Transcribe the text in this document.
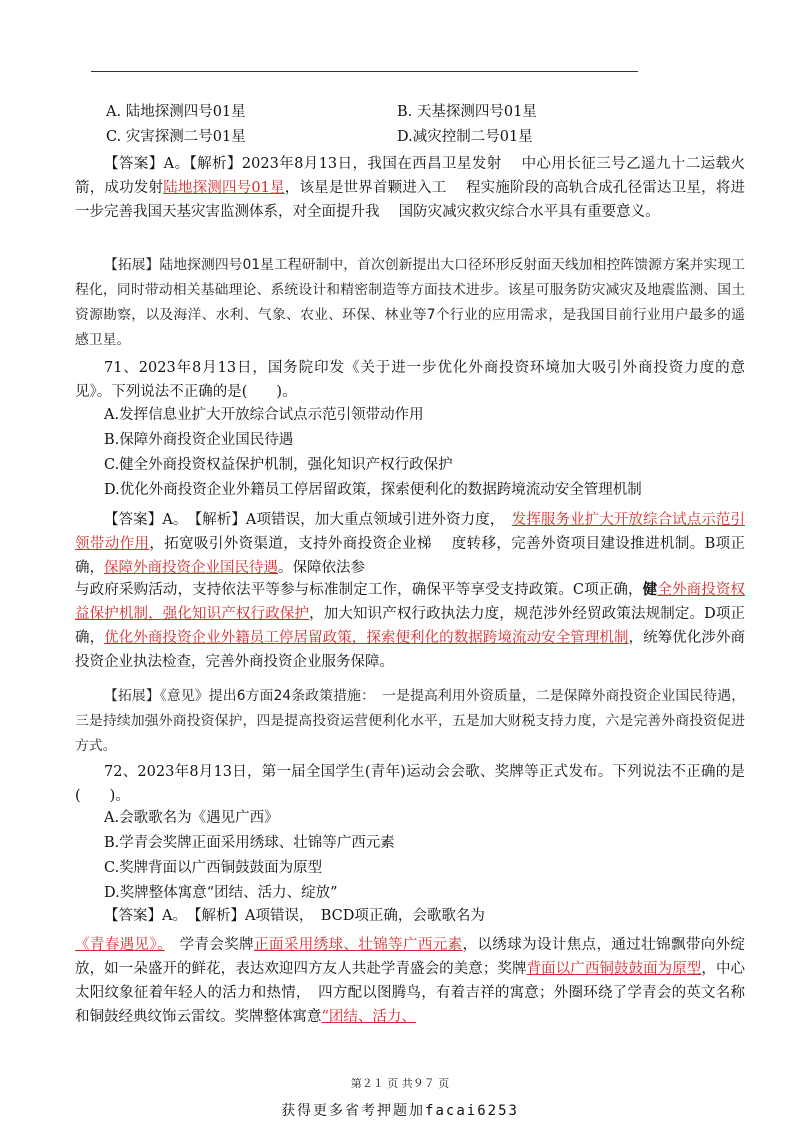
A. 陆地探测四号01星	B. 天基探测四号01星
C. 灾害探测二号01星	D.减灾控制二号01星
【答案】A。【解析】2023年8月13日，我国在西昌卫星发射　 中心用长征三号乙遥九十二运载火箭，成功发射陆地探测四号01星，该星是世界首颗进入工　 程实施阶段的高轨合成孔径雷达卫星，将进一步完善我国天基灾害监测体系，对全面提升我　 国防灾减灾救灾综合水平具有重要意义。
【拓展】陆地探测四号01星工程研制中，首次创新提出大口径环形反射面天线加相控阵馈源方案并实现工程化，同时带动相关基础理论、系统设计和精密制造等方面技术进步。该星可服务防灾减灾及地震监测、国土资源勘察，以及海洋、水利、气象、农业、环保、林业等7个行业的应用需求，是我国目前行业用户最多的遥感卫星。
71、2023年8月13日，国务院印发《关于进一步优化外商投资环境加大吸引外商投资力度的意见》。下列说法不正确的是(　　)。
A.发挥信息业扩大开放综合试点示范引领带动作用
B.保障外商投资企业国民待遇
C.健全外商投资权益保护机制，强化知识产权行政保护
D.优化外商投资企业外籍员工停居留政策，探索便利化的数据跨境流动安全管理机制
【答案】A。　【解析】A项错误，加大重点领域引进外资力度，　发挥服务业扩大开放综合试点示范引领带动作用，拓宽吸引外资渠道，支持外商投资企业梯　 度转移，完善外资项目建设推进机制。B项正确，保障外商投资企业国民待遇。保障依法参
与政府采购活动，支持依法平等参与标准制定工作，确保平等享受支持政策。C项正确，健全外商投资权益保护机制，强化知识产权行政保护，加大知识产权行政执法力度，规范涉外经贸政策法规制定。D项正确，优化外商投资企业外籍员工停居留政策，探索便利化的数据跨境流动安全管理机制，统筹优化涉外商投资企业执法检查，完善外商投资企业服务保障。
【拓展】《意见》提出6方面24条政策措施：　一是提高利用外资质量，二是保障外商投资企业国民待遇，三是持续加强外商投资保护，四是提高投资运营便利化水平，五是加大财税支持力度，六是完善外商投资促进方式。
72、2023年8月13日，第一届全国学生(青年)运动会会歌、奖牌等正式发布。下列说法不正确的是(　　)。
A.会歌歌名为《遇见广西》
B.学青会奖牌正面采用绣球、壮锦等广西元素
C.奖牌背面以广西铜鼓鼓面为原型
D.奖牌整体寓意“团结、活力、绽放”
【答案】A。　【解析】A项错误，　BCD项正确，会歌歌名为
《青春遇见》。　学青会奖牌正面采用绣球、壮锦等广西元素，以绣球为设计焦点，通过壮锦飘带向外绽放，如一朵盛开的鲜花，表达欢迎四方友人共赴学青盛会的美意；奖牌背面以广西铜鼓鼓面为原型，中心太阳纹象征着年轻人的活力和热情，　四方配以图腾鸟，有着吉祥的寓意；外圈环绕了学青会的英文名称和铜鼓经典纹饰云雷纹。奖牌整体寓意“团结、活力、
第２１ 页 共９７ 页
获得更多省考押题加facai6253
